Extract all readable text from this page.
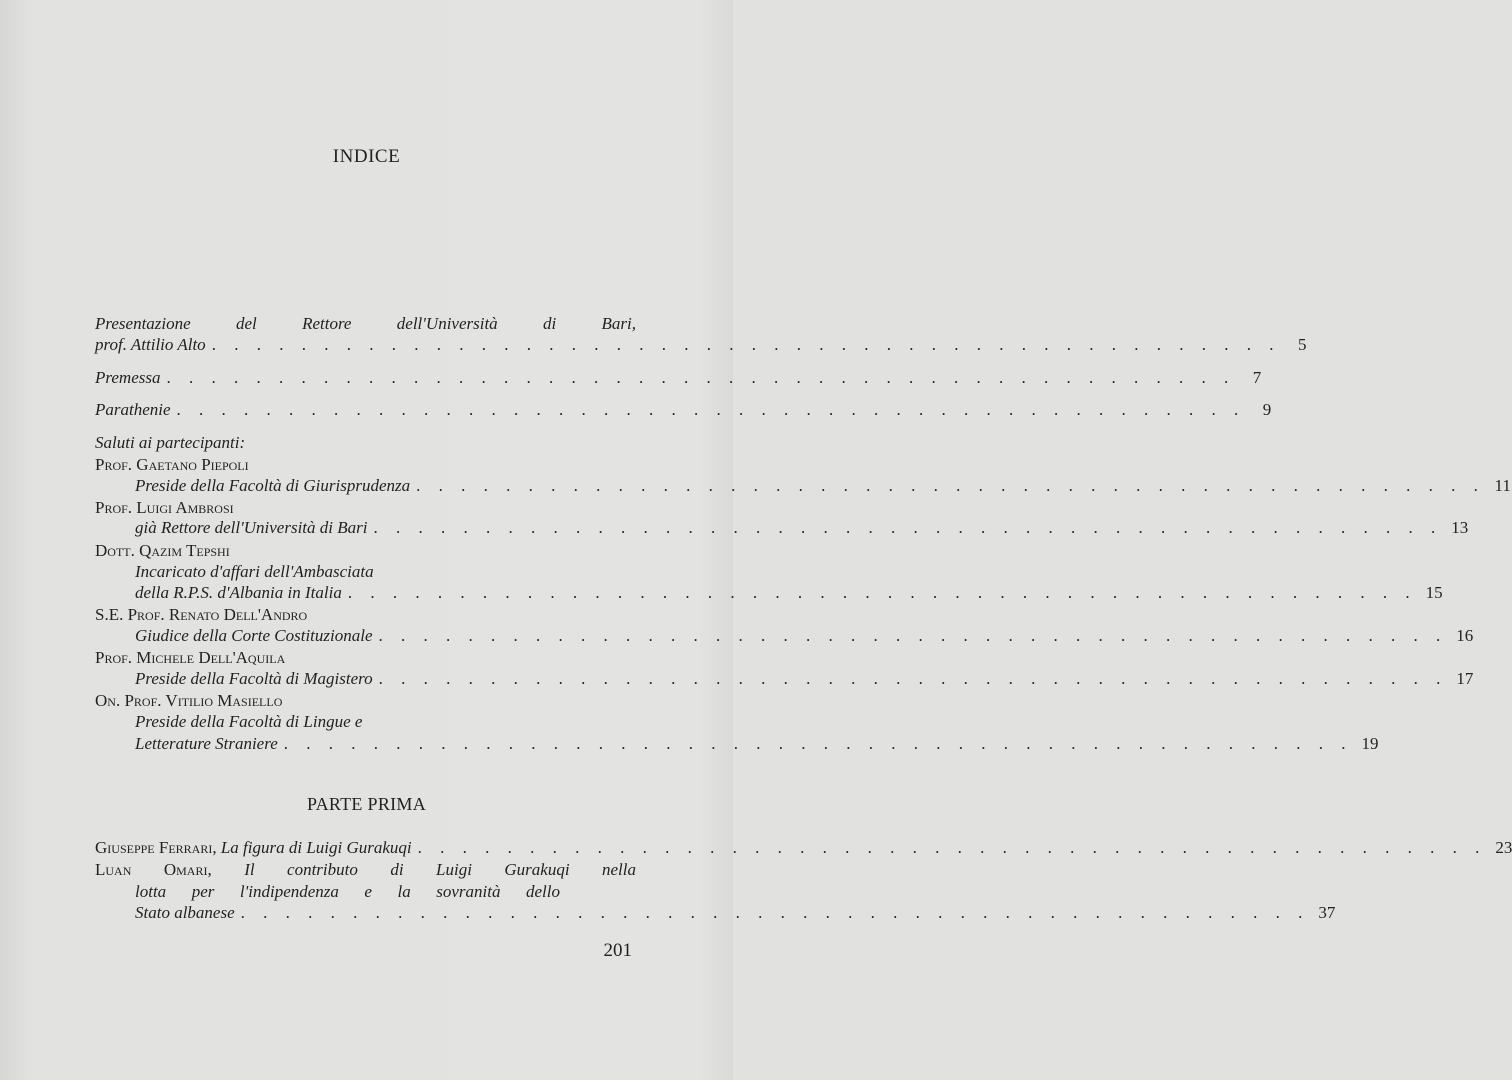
INDICE
Presentazione del Rettore dell'Università di Bari,
prof. Attilio Alto . . . . . . . . . . . . . . . . . . . . . . . . . . . . . . . . . . . . . . . . . . . . . . . .	5
Premessa . . . . . . . . . . . . . . . . . . . . . . . . . . . . . . . . . . . . . . . . . . . . . . . .	7
Parathenie . . . . . . . . . . . . . . . . . . . . . . . . . . . . . . . . . . . . . . . . . . . . . . . .	9
Saluti ai partecipanti:
Prof. Gaetano Piepoli
Preside della Facoltà di Giurisprudenza . . . . . . . . . . . . . . . . . . . . . . . . . . . . . . . . . . . . . . . . . . . . . . . . 11
Prof. Luigi Ambrosi
già Rettore dell'Università di Bari . . . . . . . . . . . . . . . . . . . . . . . . . . . . . . . . . . . . . . . . . . . . . . . . 13
Dott. Qazim Tepshi
Incaricato d'affari dell'Ambasciata
della R.P.S. d'Albania in Italia . . . . . . . . . . . . . . . . . . . . . . . . . . . . . . . . . . . . . . . . . . . . . . . . 15
S.E. Prof. Renato Dell'Andro
Giudice della Corte Costituzionale . . . . . . . . . . . . . . . . . . . . . . . . . . . . . . . . . . . . . . . . . . . . . . . . 16
Prof. Michele Dell'Aquila
Preside della Facoltà di Magistero . . . . . . . . . . . . . . . . . . . . . . . . . . . . . . . . . . . . . . . . . . . . . . . . 17
On. Prof. Vitilio Masiello
Preside della Facoltà di Lingue e
Letterature Straniere . . . . . . . . . . . . . . . . . . . . . . . . . . . . . . . . . . . . . . . . . . . . . . . . 19
Giuseppe Ferrari, La figura di Luigi Gurakuqi . . . . . . . . . . . . . . . . . . . . . . . . . . . . . . . . . . . . . . . . . . . . . . . . 23
Luan Omari, Il contributo di Luigi Gurakuqi nella
lotta per l'indipendenza e la sovranità dello
Stato albanese . . . . . . . . . . . . . . . . . . . . . . . . . . . . . . . . . . . . . . . . . . . . . . . . 37
PARTE PRIMA
201
